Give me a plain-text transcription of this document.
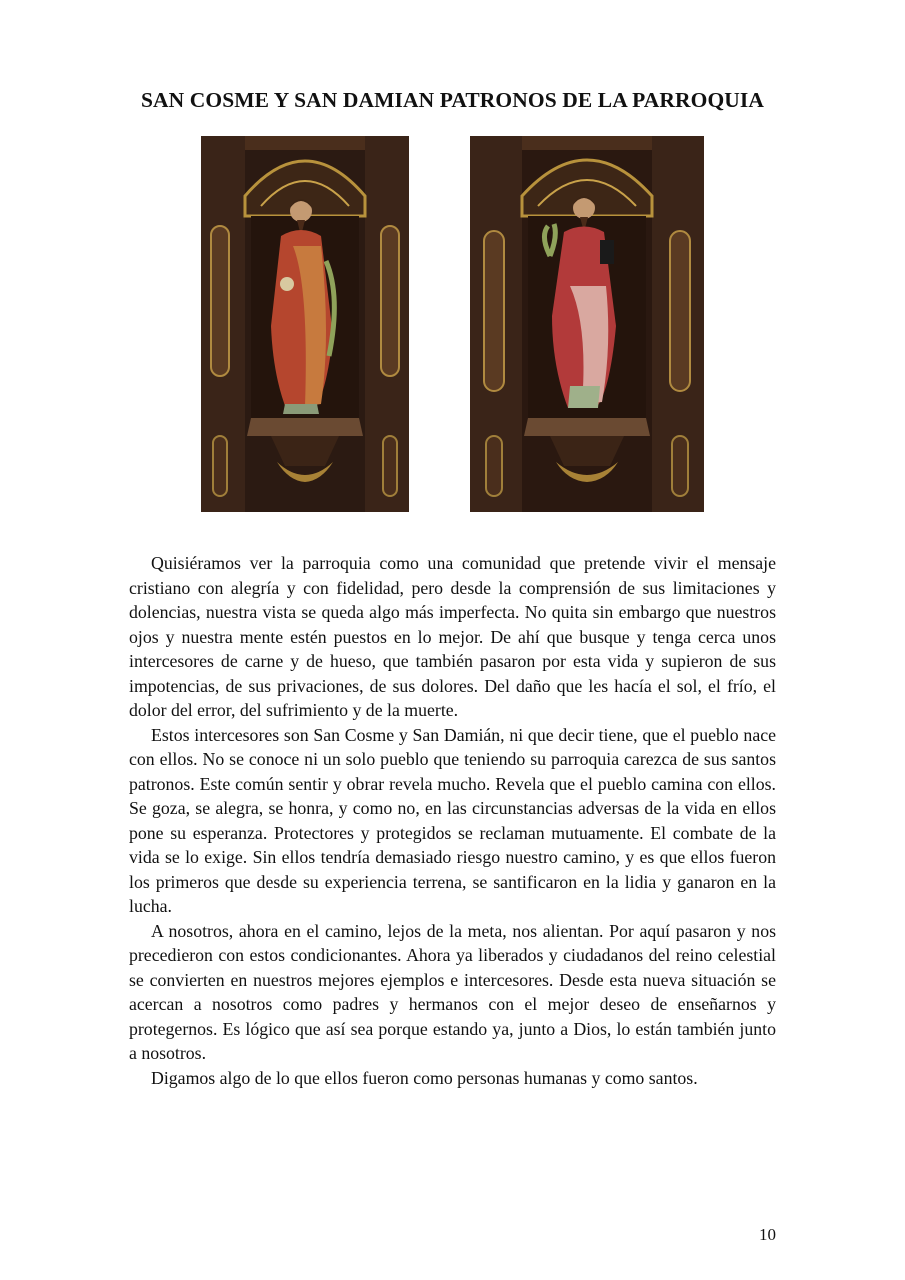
SAN COSME Y SAN DAMIAN PATRONOS DE LA PARROQUIA

Quisiéramos ver la parroquia como una comunidad que pretende vivir el mensaje cristiano con alegría y con fidelidad, pero desde la comprensión de sus limitaciones y dolencias, nuestra vista se queda algo más imperfecta. No quita sin embargo que nuestros ojos y nuestra mente estén puestos en lo mejor. De ahí que busque y tenga cerca unos intercesores de carne y de hueso, que también pasaron por esta vida y supieron de sus impotencias, de sus privaciones, de sus dolores. Del daño que les hacía el sol, el frío, el dolor del error, del sufrimiento y de la muerte.

Estos intercesores son San Cosme y San Damián, ni que decir tiene, que el pueblo nace con ellos. No se conoce ni un solo pueblo que teniendo su parroquia carezca de sus santos patronos. Este común sentir y obrar revela mucho. Revela que el pueblo camina con ellos. Se goza, se alegra, se honra, y como no, en las circunstancias adversas de la vida en ellos pone su esperanza. Protectores y protegidos se reclaman mutuamente. El combate de la vida se lo exige. Sin ellos tendría demasiado riesgo nuestro camino, y es que ellos fueron los primeros que desde su experiencia terrena, se santificaron en la lidia y ganaron en la lucha.

A nosotros, ahora en el camino, lejos de la meta, nos alientan. Por aquí pasaron y nos precedieron con estos condicionantes. Ahora ya liberados y ciudadanos del reino celestial se convierten en nuestros mejores ejemplos e intercesores. Desde esta nueva situación se acercan a nosotros como padres y hermanos con el mejor deseo de enseñarnos y protegernos. Es lógico que así sea porque estando ya, junto a Dios, lo están también junto a nosotros.

Digamos algo de lo que ellos fueron como personas humanas y como santos.

10
